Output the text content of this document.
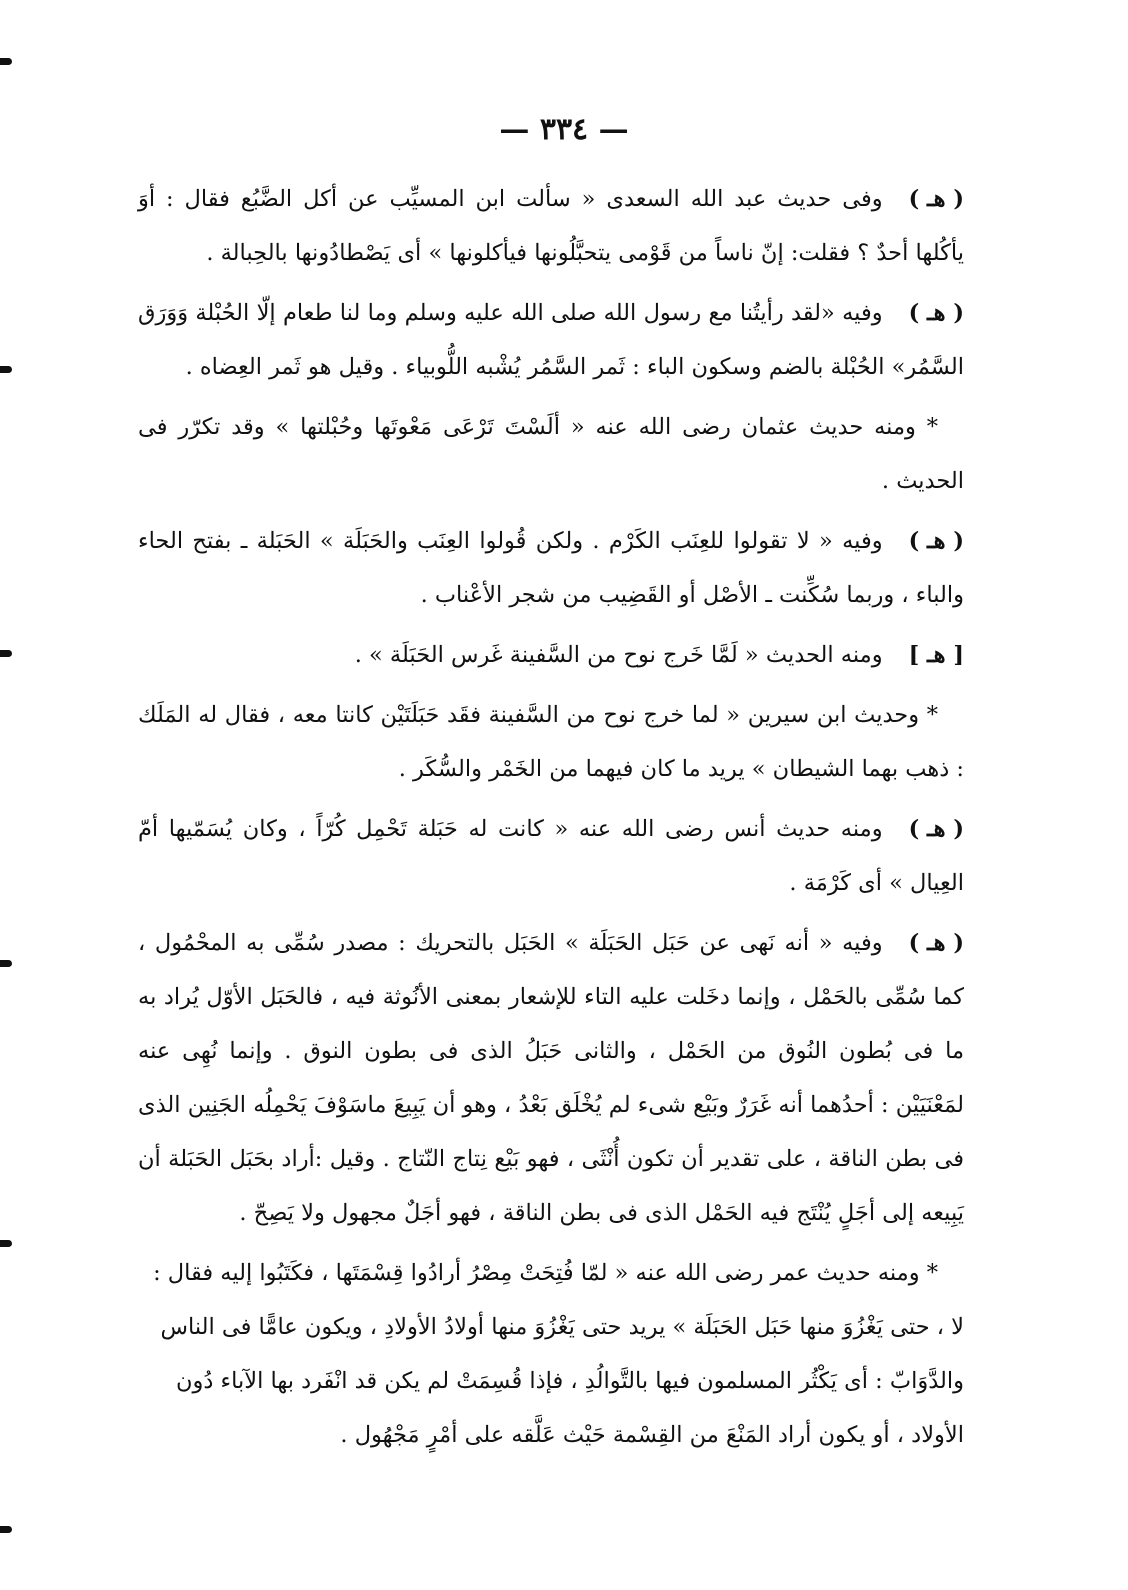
— ٣٣٤ —

( هـ )وفى حديث عبد الله السعدى « سألت ابن المسيِّب عن أكل الضَّبُع فقال : أوَ يأكُلها أحدٌ ؟ فقلت: إنّ ناساً من قَوْمى يتحبَّلُونها فيأكلونها » أى يَصْطادُونها بالحِبالة .

( هـ )وفيه «لقد رأيتُنا مع رسول الله صلى الله عليه وسلم وما لنا طعام إلّا الحُبْلة وَوَرَق السَّمُر» الحُبْلة بالضم وسكون الباء : ثَمر السَّمُر يُشْبه اللُّوبياء . وقيل هو ثَمر العِضاه .

* ومنه حديث عثمان رضى الله عنه « ألَسْتَ تَرْعَى مَعْوتَها وحُبْلتها » وقد تكرّر فى الحديث .

( هـ )وفيه « لا تقولوا للعِنَب الكَرْم . ولكن قُولوا العِنَب والحَبَلَة » الحَبَلة ـ بفتح الحاء والباء ، وربما سُكِّنت ـ الأصْل أو القَضِيب من شجر الأعْناب .

[ هـ ]ومنه الحديث « لَمَّا خَرج نوح من السَّفينة غَرس الحَبَلَة » .

* وحديث ابن سيرين « لما خرج نوح من السَّفينة فقَد حَبَلَتَيْن كانتا معه ، فقال له المَلَك : ذهب بهما الشيطان » يريد ما كان فيهما من الخَمْر والسُّكَر .

( هـ )ومنه حديث أنس رضى الله عنه « كانت له حَبَلة تَحْمِل كُرّاً ، وكان يُسَمّيها أمّ العِيال » أى كَرْمَة .

( هـ )وفيه « أنه نَهى عن حَبَل الحَبَلَة » الحَبَل بالتحريك : مصدر سُمِّى به المحْمُول ، كما سُمِّى بالحَمْل ، وإنما دخَلت عليه التاء للإشعار بمعنى الأنُوثة فيه ، فالحَبَل الأوّل يُراد به ما فى بُطون النُوق من الحَمْل ، والثانى حَبَلُ الذى فى بطون النوق . وإنما نُهِى عنه لمَعْنَيَيْن : أحدُهما أنه غَرَرٌ وبَيْع شىء لم يُخْلَق بَعْدُ ، وهو أن يَبِيعَ ماسَوْفَ يَحْمِلُه الجَنِين الذى فى بطن الناقة ، على تقدير أن تكون أُنْثَى ، فهو بَيْع نِتاج النّتاج . وقيل :أراد بحَبَل الحَبَلة أن يَبِيعه إلى أجَلٍ يُنْتَج فيه الحَمْل الذى فى بطن الناقة ، فهو أجَلٌ مجهول ولا يَصِحّ .

* ومنه حديث عمر رضى الله عنه « لمّا فُتِحَتْ مِصْرُ أرادُوا قِسْمَتَها ، فكَتَبُوا إليه فقال : لا ، حتى يَغْزُوَ منها حَبَل الحَبَلَة » يريد حتى يَغْزُوَ منها أولادُ الأولادِ ، ويكون عامًّا فى الناس والدَّوَابّ : أى يَكْثُر المسلمون فيها بالتَّوالُدِ ، فإذا قُسِمَتْ لم يكن قد انْفَرد بها الآباء دُون الأولاد ، أو يكون أراد المَنْعَ من القِسْمة حَيْث عَلَّقه على أمْرٍ مَجْهُول .
